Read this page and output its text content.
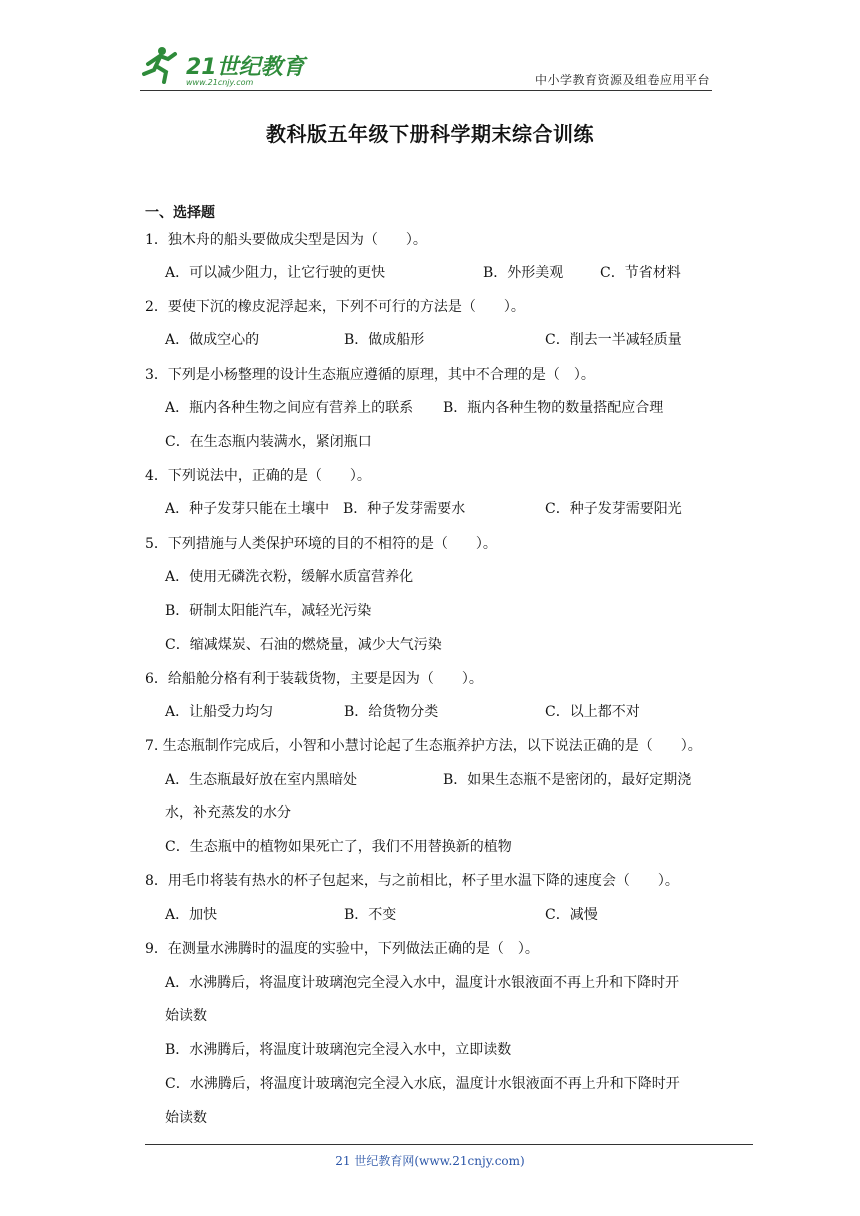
21世纪教育
www.21cnjy.com	中小学教育资源及组卷应用平台
教科版五年级下册科学期末综合训练
一、选择题
1．独木舟的船头要做成尖型是因为（　　）。
A．可以减少阻力，让它行驶的更快	B．外形美观	C．节省材料
2．要使下沉的橡皮泥浮起来，下列不可行的方法是（　　）。
A．做成空心的	B．做成船形	C．削去一半减轻质量
3．下列是小杨整理的设计生态瓶应遵循的原理，其中不合理的是（　）。
A．瓶内各种生物之间应有营养上的联系 B．瓶内各种生物的数量搭配应合理
C．在生态瓶内装满水，紧闭瓶口
4．下列说法中，正确的是（　　）。
A．种子发芽只能在土壤中 B．种子发芽需要水	C．种子发芽需要阳光
5．下列措施与人类保护环境的目的不相符的是（　　）。
A．使用无磷洗衣粉，缓解水质富营养化
B．研制太阳能汽车，减轻光污染
C．缩减煤炭、石油的燃烧量，减少大气污染
6．给船舱分格有利于装载货物，主要是因为（　　）。
A．让船受力均匀	B．给货物分类	C．以上都不对
7. 生态瓶制作完成后，小智和小慧讨论起了生态瓶养护方法，以下说法正确的是（　　）。
A．生态瓶最好放在室内黑暗处	B．如果生态瓶不是密闭的，最好定期浇
水，补充蒸发的水分
C．生态瓶中的植物如果死亡了，我们不用替换新的植物
8．用毛巾将装有热水的杯子包起来，与之前相比，杯子里水温下降的速度会（　　）。
A．加快	B．不变	C．减慢
9．在测量水沸腾时的温度的实验中，下列做法正确的是（　）。
A．水沸腾后，将温度计玻璃泡完全浸入水中，温度计水银液面不再上升和下降时开
始读数
B．水沸腾后，将温度计玻璃泡完全浸入水中，立即读数
C．水沸腾后，将温度计玻璃泡完全浸入水底，温度计水银液面不再上升和下降时开
始读数
21 世纪教育网(www.21cnjy.com)
